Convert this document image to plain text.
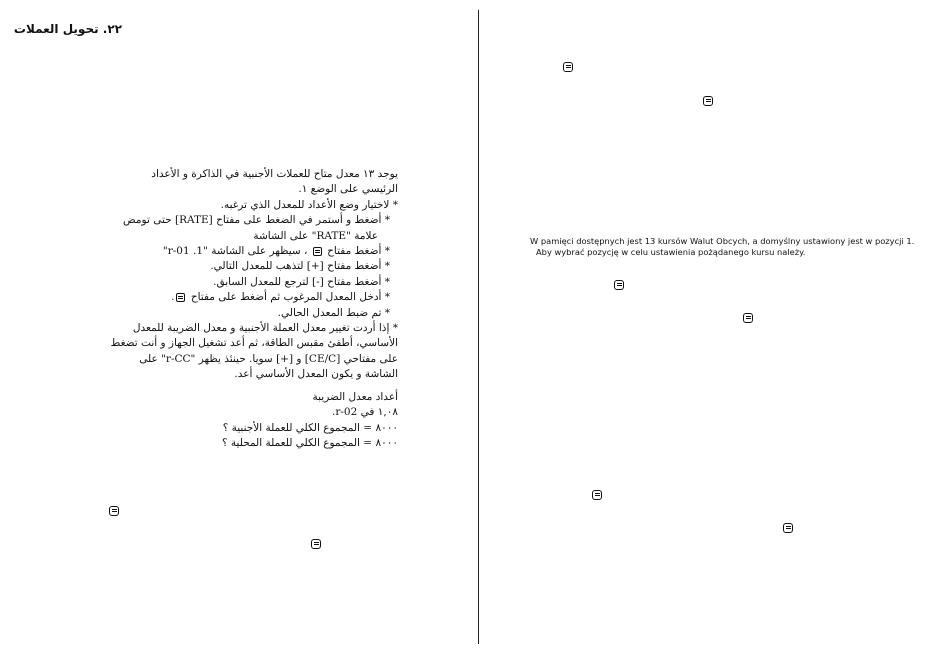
٢٢. تحويل العملات

يوجد ١٣ معدل متاح للعملات الأجنبية في الذاكرة و الأعداد

الرئيسي على الوضع ١.

* لاختيار وضع الأعداد للمعدل الذي ترغبه.

* أضغط و أستمر في الضغط على مفتاح [RATE] حتى تومض

علامة "RATE" على الشاشة

* أضغط مفتاح  ، سيظهر على الشاشة "1. r-01"

* أضغط مفتاح [+] لتذهب للمعدل التالي.

* أضغط مفتاح [-] لترجع للمعدل السابق.

* أدخل المعدل المرغوب ثم أضغط على مفتاح .

* تم ضبط المعدل الحالي.

* إذا أردت تغيير معدل العملة الأجنبية و معدل الضريبة للمعدل

الأساسي، أطفئ مقبس الطاقة، ثم أعد تشغيل الجهاز و أنت تضغط

على مفتاحي [CE/C] و [+] سويا. حينئذ يظهر "r-CC" على

الشاشة و يكون المعدل الأساسي أعد.

أعداد معدل الضريبة

١,٠٨ في r-02.

٨٠٠٠ = المجموع الكلي للعملة الأجنبية ؟

٨٠٠٠ = المجموع الكلي للعملة المحلية ؟

W pamięci dostępnych jest 13 kursów Walut Obcych, a domyślny ustawiony jest w pozycji 1.

Aby wybrać pozycję w celu ustawienia pożądanego kursu należy.
